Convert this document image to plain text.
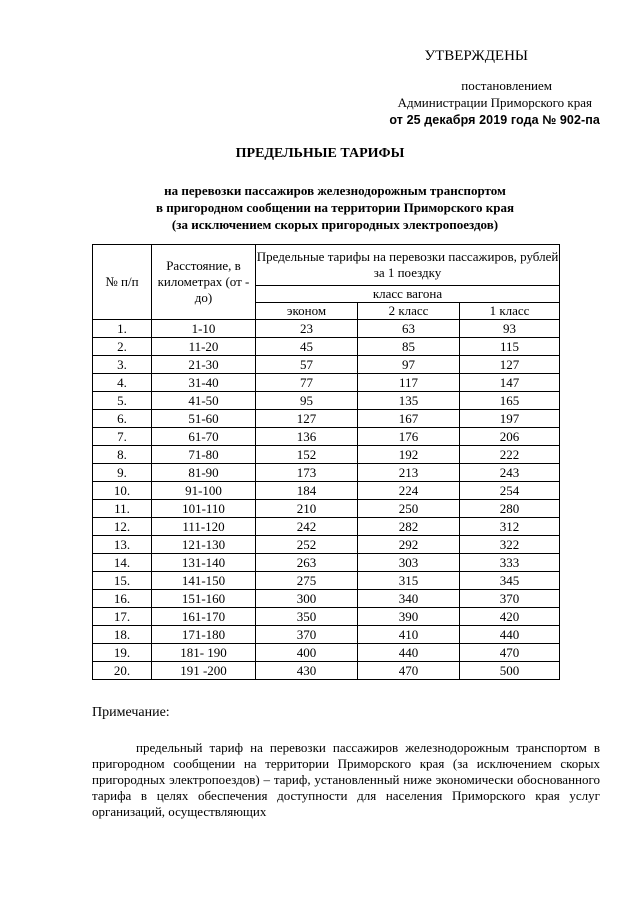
УТВЕРЖДЕНЫ
постановлением
Администрации Приморского края
от 25 декабря 2019 года № 902-па
ПРЕДЕЛЬНЫЕ ТАРИФЫ
на перевозки пассажиров железнодорожным транспортом
в пригородном сообщении на территории Приморского края
(за исключением скорых пригородных электропоездов)
№ п/п	Расстояние, в километрах (от - до)	Предельные тарифы на перевозки пассажиров, рублей за 1 поездку		
		класс вагона		
		эконом	2 класс	1 класс
1.	1-10	23	63	93
2.	11-20	45	85	115
3.	21-30	57	97	127
4.	31-40	77	117	147
5.	41-50	95	135	165
6.	51-60	127	167	197
7.	61-70	136	176	206
8.	71-80	152	192	222
9.	81-90	173	213	243
10.	91-100	184	224	254
11.	101-110	210	250	280
12.	111-120	242	282	312
13.	121-130	252	292	322
14.	131-140	263	303	333
15.	141-150	275	315	345
16.	151-160	300	340	370
17.	161-170	350	390	420
18.	171-180	370	410	440
19.	181- 190	400	440	470
20.	191 -200	430	470	500
Примечание:
предельный тариф на перевозки пассажиров железнодорожным транспортом в пригородном сообщении на территории Приморского края (за исключением скорых пригородных электропоездов) – тариф, установленный ниже экономически обоснованного тарифа в целях обеспечения доступности для населения Приморского края услуг организаций, осуществляющих
